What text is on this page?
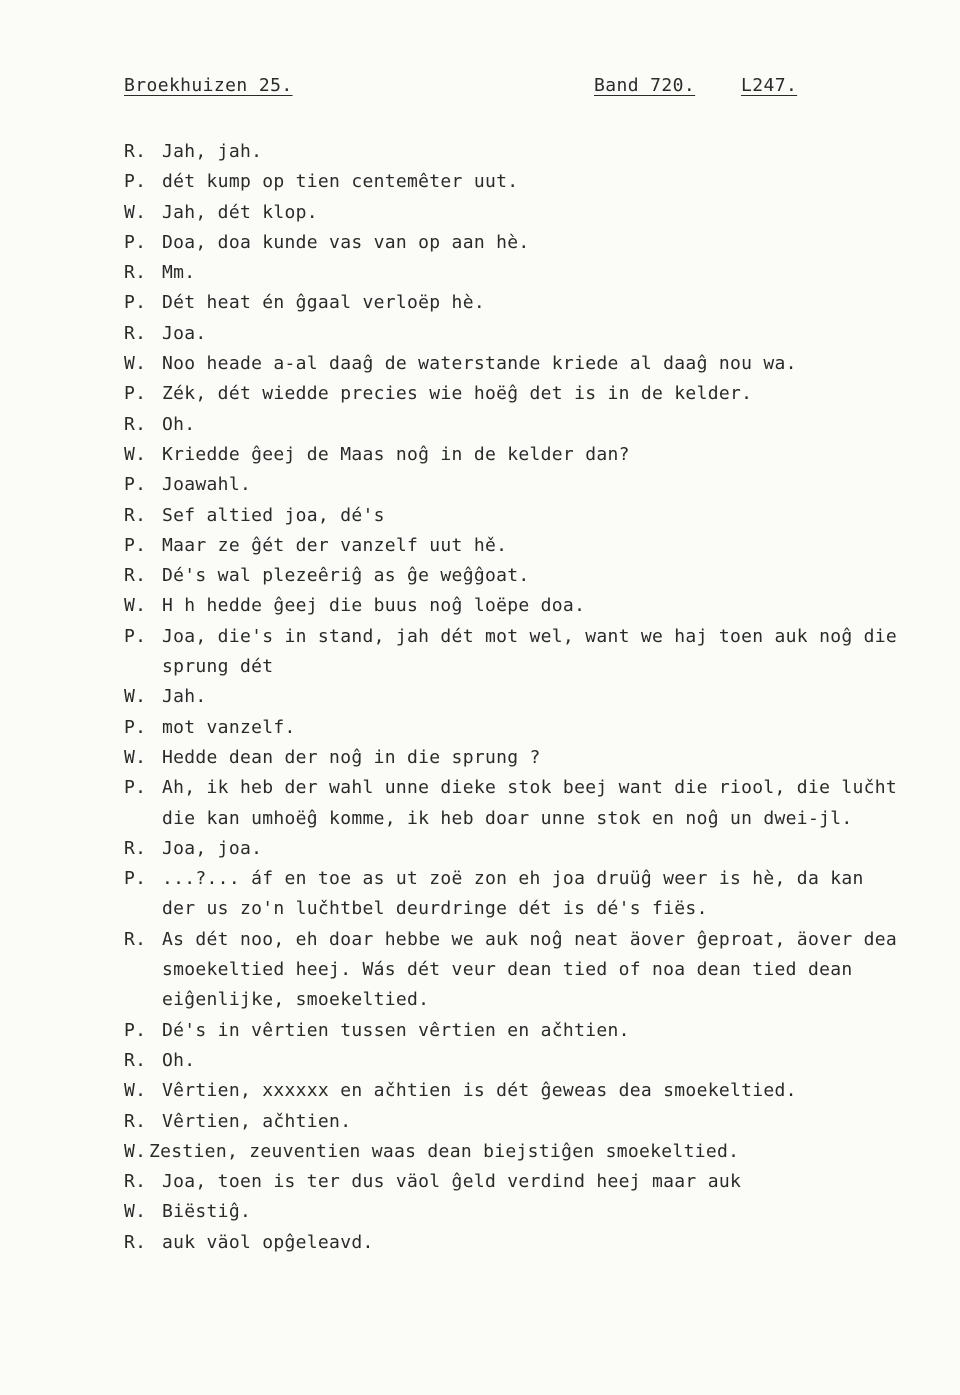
Broekhuizen 25.	Band 720.	L247.
R. Jah, jah.
P. dét kump op tien centemêter uut.
W. Jah, dét klop.
P. Doa, doa kunde vas van op aan hè.
R. Mm.
P. Dét heat én ĝgaal verloëp hè.
R. Joa.
W. Noo heade a-al daaĝ de waterstande kriede al daaĝ nou wa.
P. Zék, dét wiedde precies wie hoëĝ det is in de kelder.
R. Oh.
W. Kriedde ĝeej de Maas noĝ in de kelder dan?
P. Joawahl.
R. Sef altied joa, dé's
P. Maar ze ĝét der vanzelf uut hě.
R. Dé's wal plezeêriĝ as ĝe weĝĝoat.
W. H h hedde ĝeej die buus noĝ loëpe doa.
P. Joa, die's in stand, jah dét mot wel, want we haj toen auk noĝ die sprung dét
W. Jah.
P. mot vanzelf.
W. Hedde dean der noĝ in die sprung ?
P. Ah, ik heb der wahl unne dieke stok beej want die riool, die lučht die kan umhoëĝ komme, ik heb doar unne stok en noĝ un dwei-jl.
R. Joa, joa.
P. ...?... áf en toe as ut zoë zon eh joa druüĝ weer is hè, da kan der us zo'n lučhtbel deurdringe dét is dé's fiës.
R. As dét noo, eh doar hebbe we auk noĝ neat äover ĝeproat, äover dea smoekeltied heej. Wás dét veur dean tied of noa dean tied dean eiĝenlijke, smoekeltied.
P. Dé's in vêrtien tussen vêrtien en ačhtien.
R. Oh.
W. Vêrtien, xxxxxx en ačhtien is dét ĝeweas dea smoekeltied.
R. Vêrtien, ačhtien.
W. Zestien, zeuventien waas dean biejstiĝen smoekeltied.
R. Joa, toen is ter dus väol ĝeld verdind heej maar auk
W. Biëstiĝ.
R. auk väol opĝeleavd.
